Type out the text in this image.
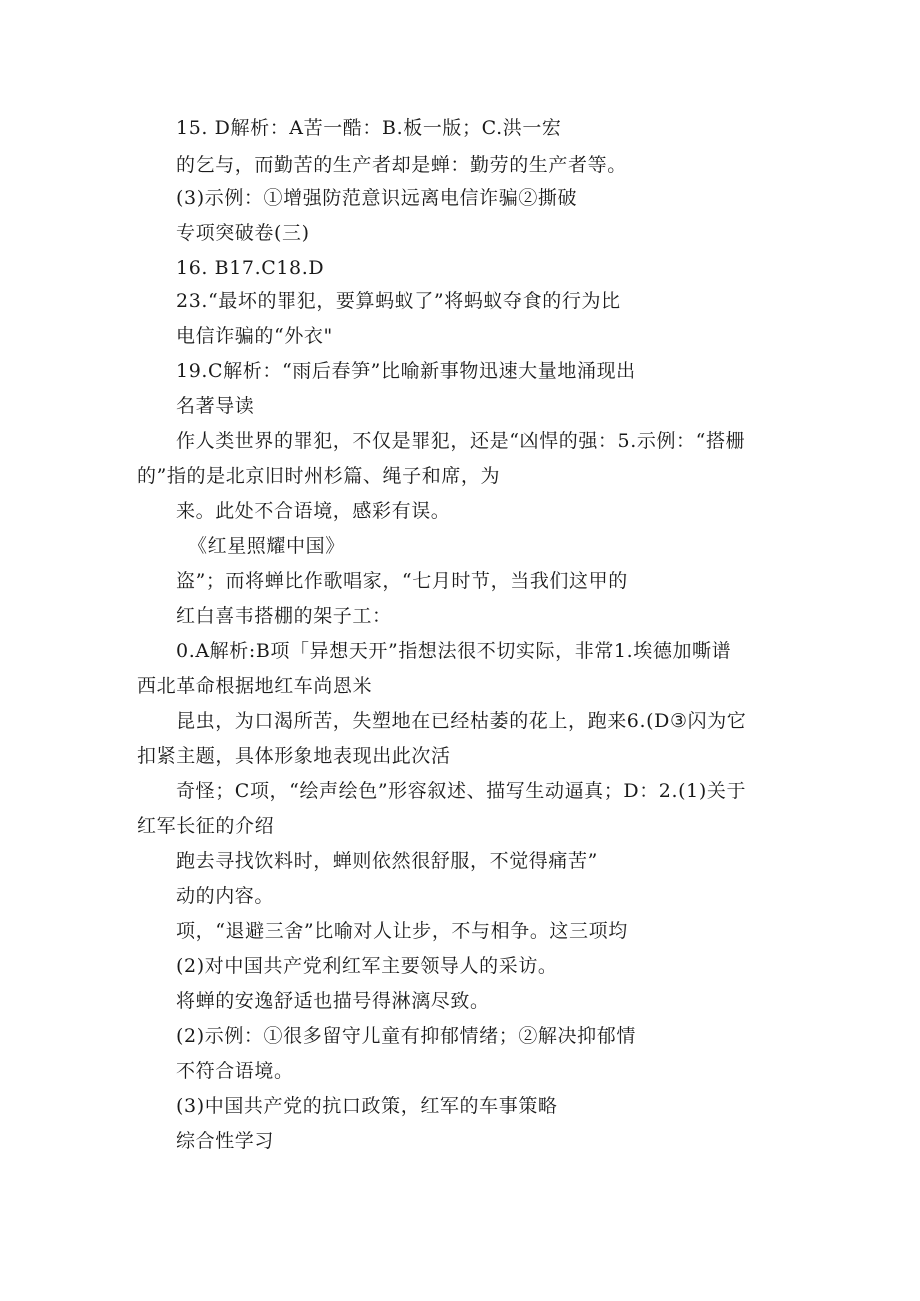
15. D解析：A苦一酷：B.板一版；C.洪一宏
的乞与，而勤苦的生产者却是蝉：勤劳的生产者等。
(3)示例：①增强防范意识远离电信诈骗②撕破
专项突破卷(三)
16. B17.C18.D
23.“最坏的罪犯，要算蚂蚁了”将蚂蚁夺食的行为比
电信诈骗的“外衣"
19.C解析：“雨后春笋”比喻新事物迅速大量地涌现出
名著导读
作人类世界的罪犯，不仅是罪犯，还是“凶悍的强：5.示例：“搭栅
的”指的是北京旧时州杉篇、绳子和席，为
来。此处不合语境，感彩有误。
《红星照耀中国》
盗”；而将蝉比作歌唱家，“七月时节，当我们这甲的
红白喜韦搭棚的架子工：
0.A解析:B项「异想天开”指想法很不切实际，非常1.埃德加嘶谱
西北革命根据地红车尚恩米
昆虫，为口渴所苦，失塑地在已经枯萎的花上，跑来6.(D③闪为它
扣紧主题，具体形象地表现出此次活
奇怪；C项，“绘声绘色”形容叙述、描写生动逼真；D：2.(1)关于
红军长征的介绍
跑去寻找饮料时，蝉则依然很舒服，不觉得痛苦”
动的内容。
项，“退避三舍”比喻对人让步，不与相争。这三项均
(2)对中国共产党利红军主要领导人的采访。
将蝉的安逸舒适也描号得淋漓尽致。
(2)示例：①很多留守儿童有抑郁情绪；②解决抑郁情
不符合语境。
(3)中国共产党的抗口政策，红军的车事策略
综合性学习
